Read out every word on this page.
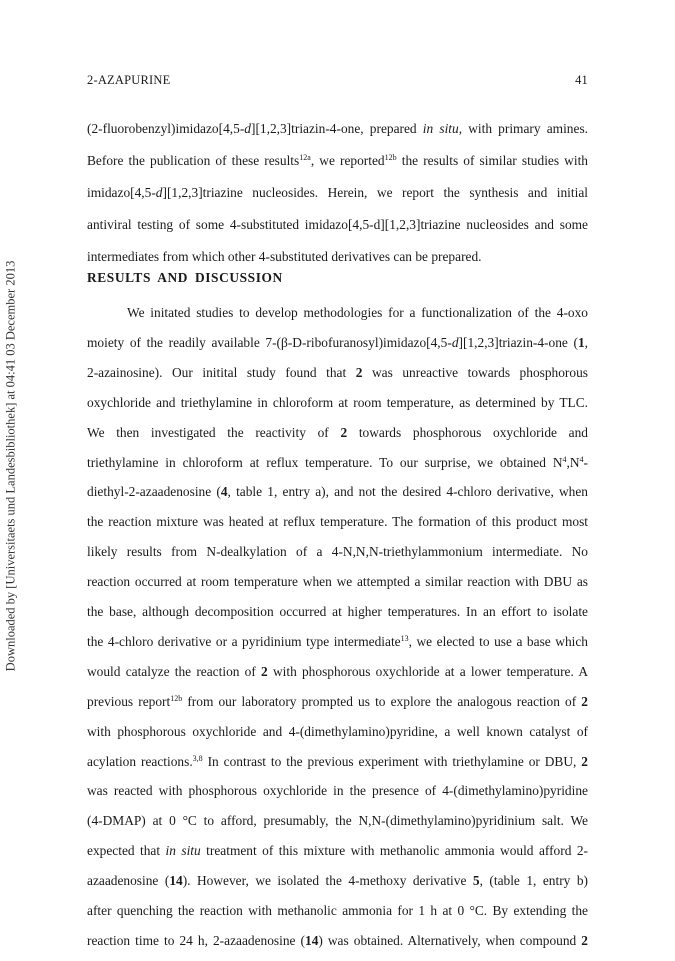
2-AZAPURINE	41
Downloaded by [Universitaets und Landesbibliothek] at 04:41 03 December 2013
(2-fluorobenzyl)imidazo[4,5-d][1,2,3]triazin-4-one, prepared in situ, with primary amines.
Before the publication of these results$^{12a}$, we reported$^{12b}$ the results of similar studies with
imidazo[4,5-d][1,2,3]triazine nucleosides. Herein, we report the synthesis and initial
antiviral testing of some 4-substituted imidazo[4,5-d][1,2,3]triazine nucleosides and some
intermediates from which other 4-substituted derivatives can be prepared.
RESULTS AND DISCUSSION
We initated studies to develop methodologies for a functionalization of the 4-oxo
moiety of the readily available 7-(β-D-ribofuranosyl)imidazo[4,5-d][1,2,3]triazin-4-one (1,
2-azainosine). Our initital study found that 2 was unreactive towards phosphorous
oxychloride and triethylamine in chloroform at room temperature, as determined by TLC.
We then investigated the reactivity of 2 towards phosphorous oxychloride and
triethylamine in chloroform at reflux temperature. To our surprise, we obtained $N^4,N^4-$
diethyl-2-azaadenosine (4, table 1, entry a), and not the desired 4-chloro derivative, when
the reaction mixture was heated at reflux temperature. The formation of this product most
likely results from N-dealkylation of a 4-N,N,N-triethylammonium intermediate. No
reaction occurred at room temperature when we attempted a similar reaction with DBU as
the base, although decomposition occurred at higher temperatures. In an effort to isolate
the 4-chloro derivative or a pyridinium type intermediate$^{13}$, we elected to use a base which
would catalyze the reaction of 2 with phosphorous oxychloride at a lower temperature. A
previous report$^{12b}$ from our laboratory prompted us to explore the analogous reaction of 2
with phosphorous oxychloride and 4-(dimethylamino)pyridine, a well known catalyst of
acylation reactions.$^{3,8}$ In contrast to the previous experiment with triethylamine or DBU, 2
was reacted with phosphorous oxychloride in the presence of 4-(dimethylamino)pyridine
(4-DMAP) at 0 °C to afford, presumably, the N,N-(dimethylamino)pyridinium salt. We
expected that in situ treatment of this mixture with methanolic ammonia would afford 2-
azaadenosine (14). However, we isolated the 4-methoxy derivative 5, (table 1, entry b)
after quenching the reaction with methanolic ammonia for 1 h at 0 °C. By extending the
reaction time to 24 h, 2-azaadenosine (14) was obtained. Alternatively, when compound 2
